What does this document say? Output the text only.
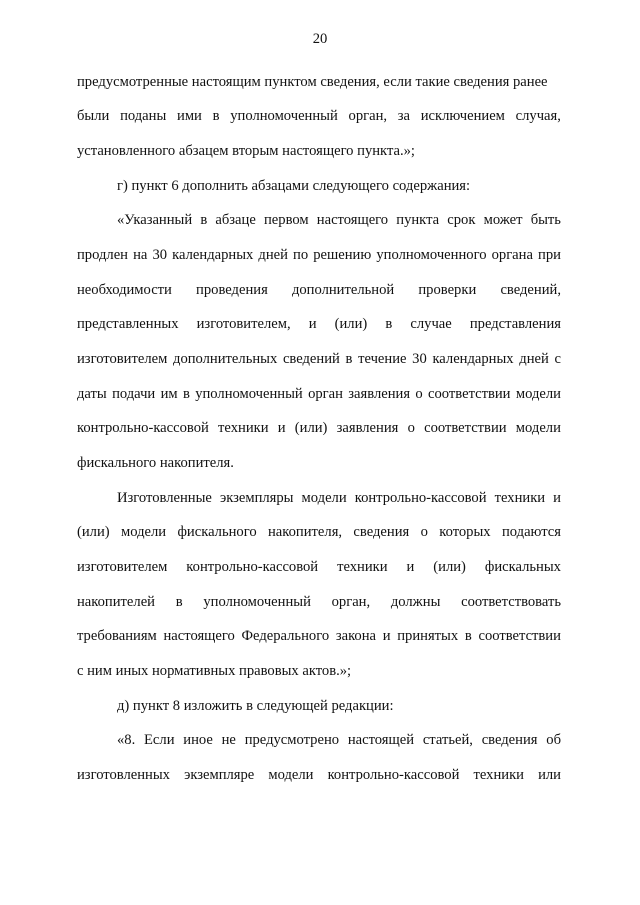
20
предусмотренные настоящим пунктом сведения, если такие сведения ранее
были поданы ими в уполномоченный орган, за исключением случая,
установленного абзацем вторым настоящего пункта.»;
г) пункт 6 дополнить абзацами следующего содержания:
«Указанный в абзаце первом настоящего пункта срок может быть
продлен на 30 календарных дней по решению уполномоченного органа при
необходимости проведения дополнительной проверки сведений,
представленных изготовителем, и (или) в случае представления
изготовителем дополнительных сведений в течение 30 календарных дней с
даты подачи им в уполномоченный орган заявления о соответствии модели
контрольно-кассовой техники и (или) заявления о соответствии модели
фискального накопителя.
Изготовленные экземпляры модели контрольно-кассовой техники и
(или) модели фискального накопителя, сведения о которых подаются
изготовителем контрольно-кассовой техники и (или) фискальных
накопителей в уполномоченный орган, должны соответствовать
требованиям настоящего Федерального закона и принятых в соответствии
с ним иных нормативных правовых актов.»;
д) пункт 8 изложить в следующей редакции:
«8. Если иное не предусмотрено настоящей статьей, сведения об
изготовленных экземпляре модели контрольно-кассовой техники или
